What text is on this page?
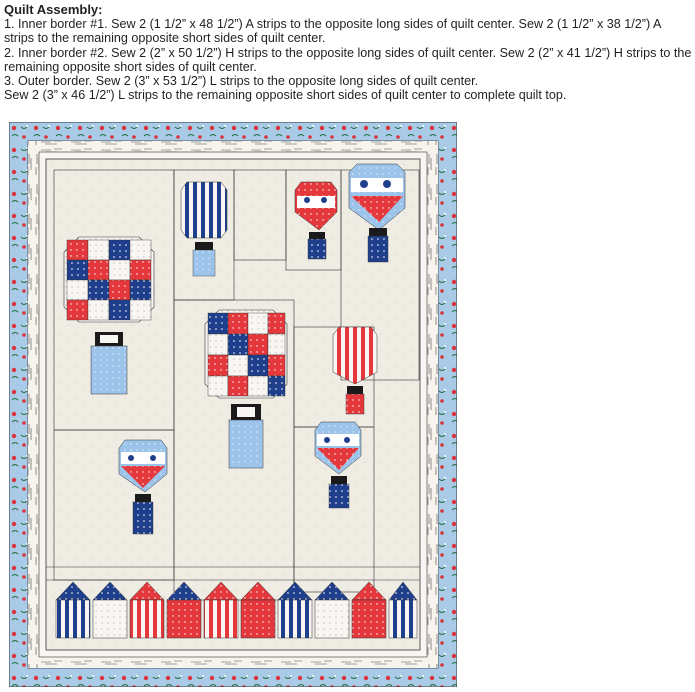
Quilt Assembly:

1. Inner border #1. Sew 2 (1 1/2” x 48 1/2”) A strips to the opposite long sides of quilt center. Sew 2 (1 1/2” x 38 1/2”) A strips to the remaining opposite short sides of quilt center.

2. Inner border #2. Sew 2 (2” x 50 1/2”) H strips to the opposite long sides of quilt center. Sew 2 (2” x 41 1/2”) H strips to the remaining opposite short sides of quilt center.

3. Outer border. Sew 2 (3” x 53 1/2”) L strips to the opposite long sides of quilt center.

Sew 2 (3” x 46 1/2”) L strips to the remaining opposite short sides of quilt center to complete quilt top.
